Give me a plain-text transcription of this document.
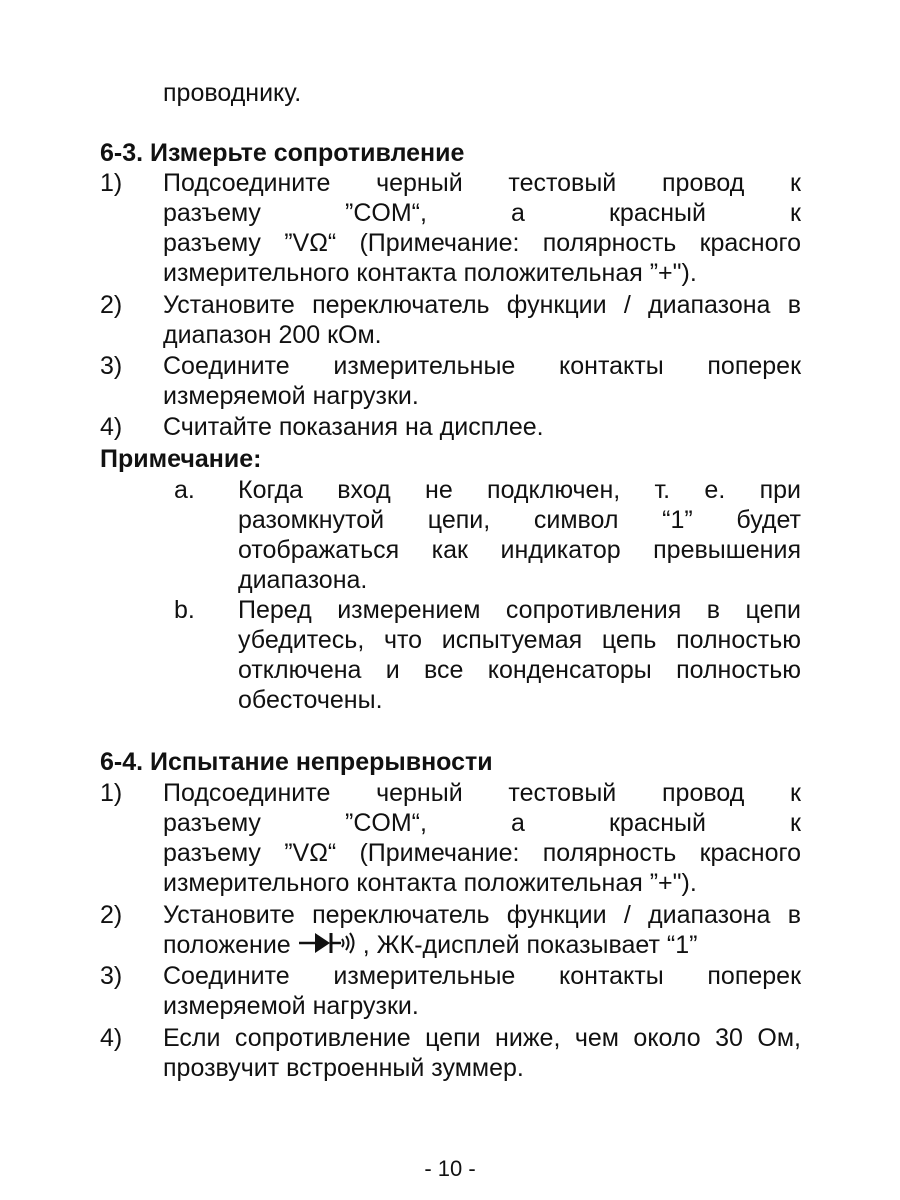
проводнику.
6-3. Измерьте сопротивление
1) Подсоедините черный тестовый провод к
разъему ”COM“, а красный к
разъему ”VΩ“ (Примечание: полярность красного
измерительного контакта положительная ”+").
2) Установите переключатель функции / диапазона в
диапазон 200 кОм.
3) Соедините измерительные контакты поперек
измеряемой нагрузки.
4) Считайте показания на дисплее.
Примечание:
a. Когда вход не подключен, т. е. при
разомкнутой цепи, символ “1” будет
отображаться как индикатор превышения
диапазона.
b. Перед измерением сопротивления в цепи
убедитесь, что испытуемая цепь полностью
отключена и все конденсаторы полностью
обесточены.
6-4. Испытание непрерывности
1) Подсоедините черный тестовый провод к
разъему ”COM“, а красный к
разъему ”VΩ“ (Примечание: полярность красного
измерительного контакта положительная ”+").
2) Установите переключатель функции / диапазона в
положение	, ЖК-дисплей показывает “1”
3) Соедините измерительные контакты поперек
измеряемой нагрузки.
4) Если сопротивление цепи ниже, чем около 30 Ом,
прозвучит встроенный зуммер.
- 10 -
